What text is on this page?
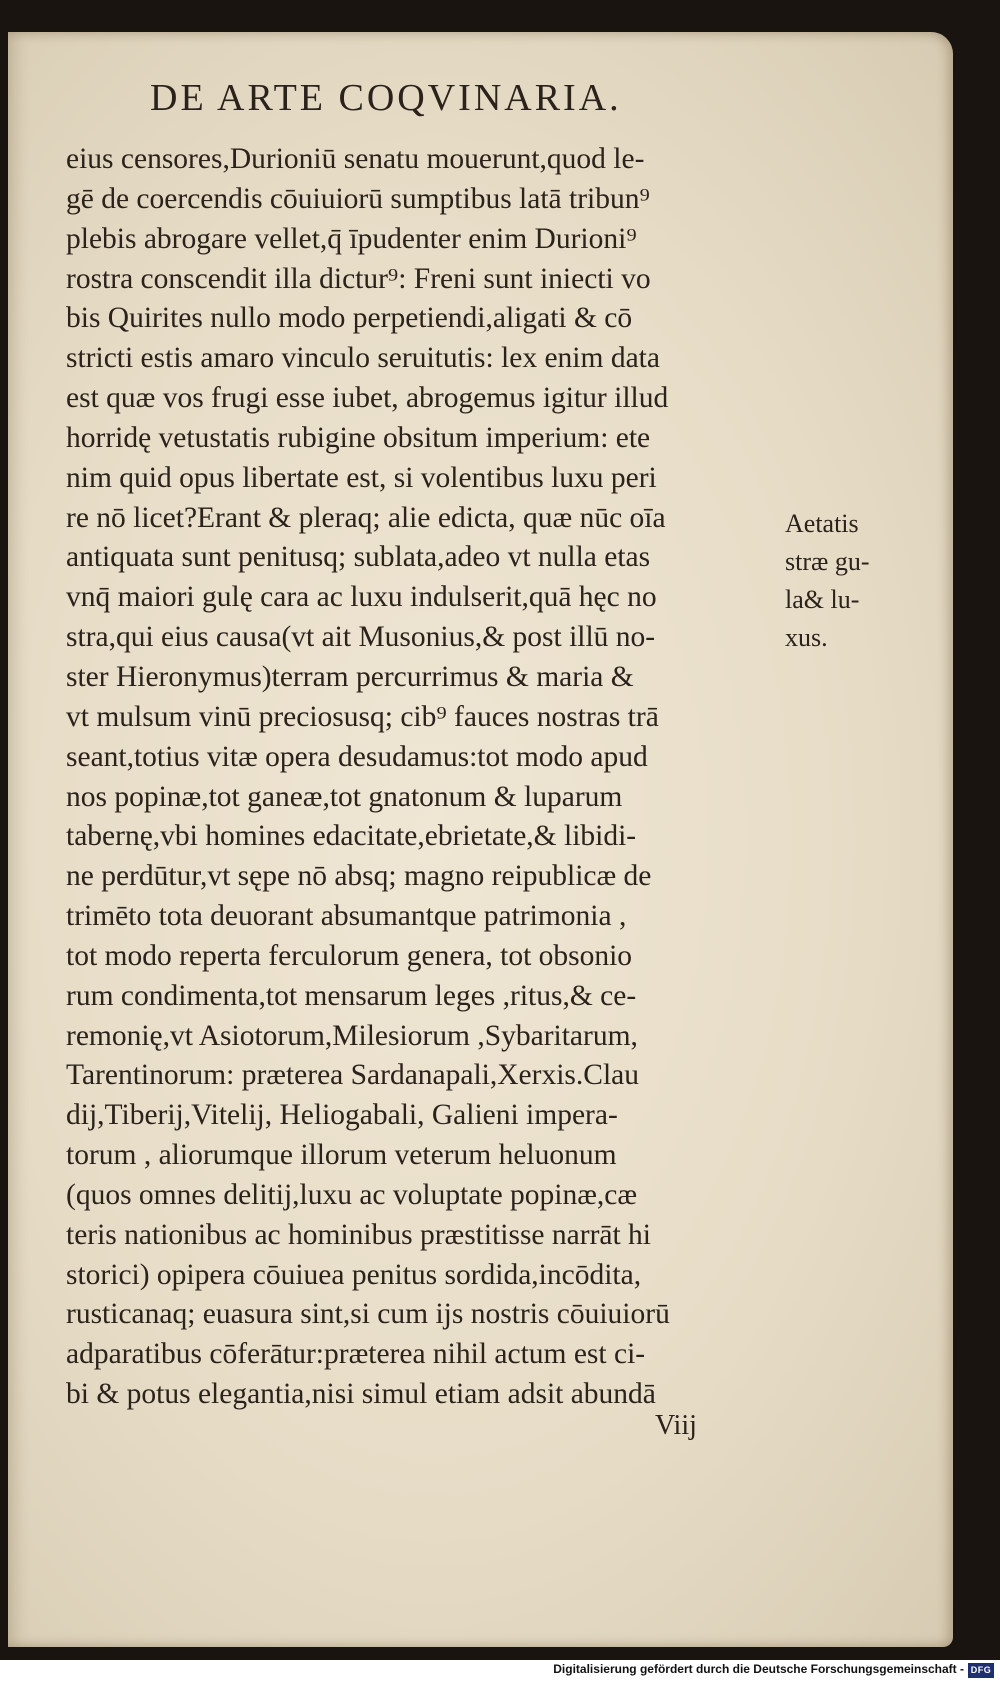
DE ARTE COQVINARIA.
eius censores,Durioniū senatu mouerunt,quod le-
gē de coercendis cōuiuiorū sumptibus latā tribun⁹
plebis abrogare vellet,q̄ īpudenter enim Durioni⁹
rostra conscendit illa dictur⁹: Freni sunt iniecti vo
bis Quirites nullo modo perpetiendi,aligati & cō
stricti estis amaro vinculo seruitutis: lex enim data
est quæ vos frugi esse iubet, abrogemus igitur illud
horridę vetustatis rubigine obsitum imperium: ete
nim quid opus libertate est, si volentibus luxu peri
re nō licet?Erant & pleraq; alie edicta, quæ nūc oīa
antiquata sunt penitusq; sublata,adeo vt nulla etas
vnq̄ maiori gulę cara ac luxu indulserit,quā hęc no
stra,qui eius causa(vt ait Musonius,& post illū no-
ster Hieronymus)terram percurrimus & maria &
vt mulsum vinū preciosusq; cib⁹ fauces nostras trā
seant,totius vitæ opera desudamus:tot modo apud
nos popinæ,tot ganeæ,tot gnatonum & luparum
tabernę,vbi homines edacitate,ebrietate,& libidi-
ne perdūtur,vt sępe nō absq; magno reipublicæ de
trimēto tota deuorant absumantque patrimonia ,
tot modo reperta ferculorum genera, tot obsonio
rum condimenta,tot mensarum leges ,ritus,& ce-
remonię,vt Asiotorum,Milesiorum ,Sybaritarum,
Tarentinorum: præterea Sardanapali,Xerxis.Clau
dij,Tiberij,Vitelij, Heliogabali, Galieni impera-
torum , aliorumque illorum veterum heluonum
(quos omnes delitij,luxu ac voluptate popinæ,cæ
teris nationibus ac hominibus præstitisse narrāt hi
storici) opipera cōuiuea penitus sordida,incōdita,
rusticanaq; euasura sint,si cum ijs nostris cōuiuiorū
adparatibus cōferātur:præterea nihil actum est ci-
bi & potus elegantia,nisi simul etiam adsit abundā
Aetatis
stræ gu-
la& lu-
xus.
Viij
Digitalisierung gefördert durch die Deutsche Forschungsgemeinschaft - DFG
